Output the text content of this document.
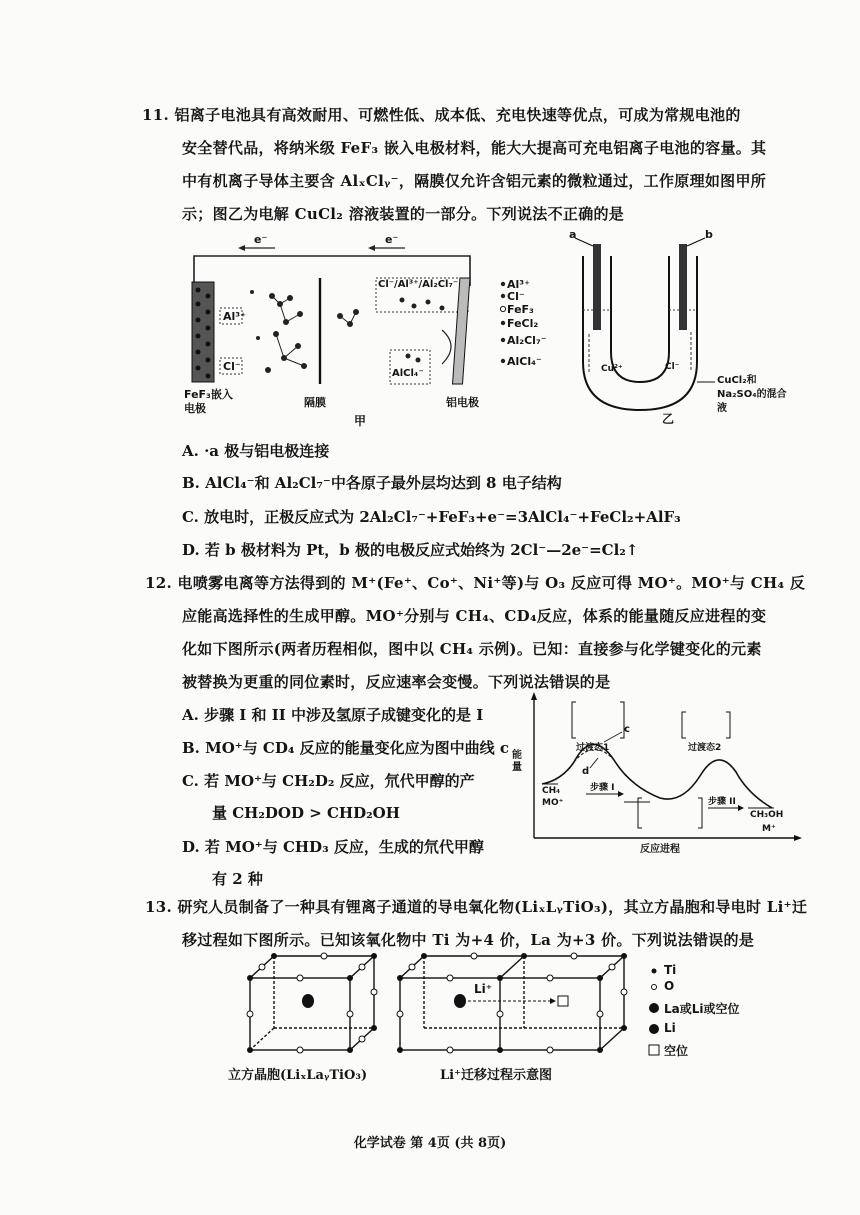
11. 铝离子电池具有高效耐用、可燃性低、成本低、充电快速等优点，可成为常规电池的
安全替代品，将纳米级 FeF₃ 嵌入电极材料，能大大提高可充电铝离子电池的容量。其
中有机离子导体主要含 AlₓClᵧ⁻，隔膜仅允许含铝元素的微粒通过，工作原理如图甲所
示；图乙为电解 CuCl₂ 溶液装置的一部分。下列说法不正确的是
e⁻	e⁻
Al³⁺
Cl⁻
Cl⁻/Al³⁺/Al₂Cl₇⁻
AlCl₄⁻
Al³⁺
Cl⁻
FeF₃
FeCl₂
Al₂Cl₇⁻
AlCl₄⁻
FeF₃嵌入电极	隔膜	铝电极
甲
a	b
Cu²⁺	Cl⁻
CuCl₂和Na₂SO₄的混合液
乙
A. ·a 极与铝电极连接
B. AlCl₄⁻和 Al₂Cl₇⁻中各原子最外层均达到 8 电子结构
C. 放电时，正极反应式为 2Al₂Cl₇⁻+FeF₃+e⁻=3AlCl₄⁻+FeCl₂+AlF₃
D. 若 b 极材料为 Pt，b 极的电极反应式始终为 2Cl⁻—2e⁻=Cl₂↑
12. 电喷雾电离等方法得到的 M⁺(Fe⁺、Co⁺、Ni⁺等)与 O₃ 反应可得 MO⁺。MO⁺与 CH₄ 反
应能高选择性的生成甲醇。MO⁺分别与 CH₄、CD₄反应，体系的能量随反应进程的变
化如下图所示(两者历程相似，图中以 CH₄ 示例)。已知：直接参与化学键变化的元素
被替换为更重的同位素时，反应速率会变慢。下列说法错误的是
A. 步骤 I 和 II 中涉及氢原子成键变化的是 I
B. MO⁺与 CD₄ 反应的能量变化应为图中曲线 c
C. 若 MO⁺与 CH₂D₂ 反应，氘代甲醇的产
量 CH₂DOD > CHD₂OH
D. 若 MO⁺与 CHD₃ 反应，生成的氘代甲醇
有 2 种
能量
反应进程
过渡态1	过渡态2
c
d
CH₄
MO⁺
步骤 I
步骤 II
CH₃OH
M⁺
13. 研究人员制备了一种具有锂离子通道的导电氧化物(LiₓLᵧTiO₃)，其立方晶胞和导电时 Li⁺迁
移过程如下图所示。已知该氧化物中 Ti 为+4 价，La 为+3 价。下列说法错误的是
Li⁺
Ti
O
La或Li或空位
Li
空位
立方晶胞(LiₓLaᵧTiO₃)	Li⁺迁移过程示意图
化学试卷 第 4页 (共 8页)
